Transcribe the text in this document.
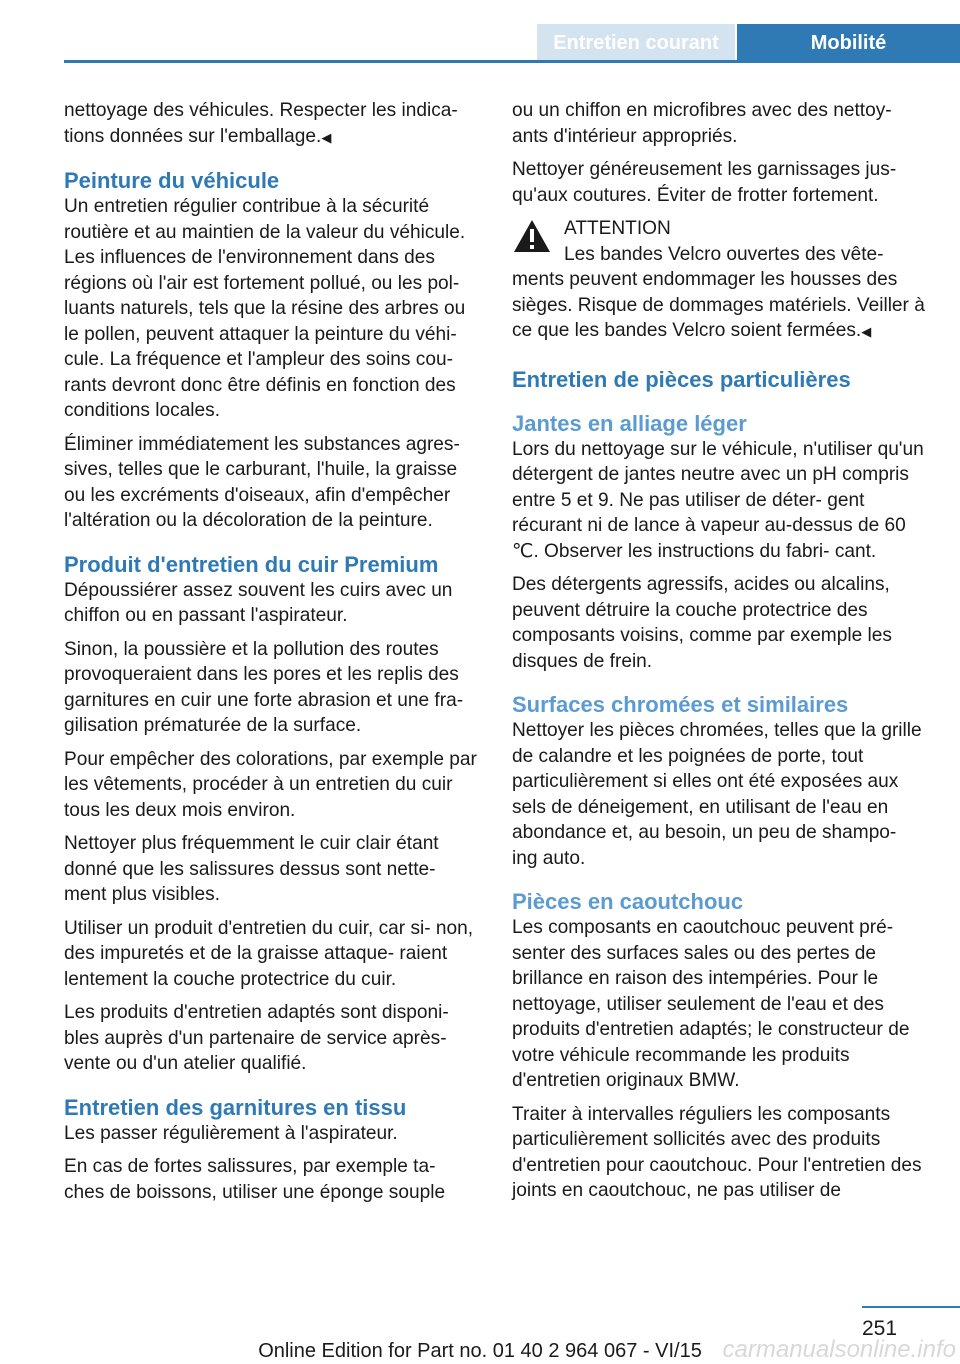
Entretien courant	Mobilité

nettoyage des véhicules. Respecter les indica- tions données sur l'emballage.◀

Peinture du véhicule

Un entretien régulier contribue à la sécurité routière et au maintien de la valeur du véhicule. Les influences de l'environnement dans des régions où l'air est fortement pollué, ou les pol- luants naturels, tels que la résine des arbres ou le pollen, peuvent attaquer la peinture du véhi- cule. La fréquence et l'ampleur des soins cou- rants devront donc être définis en fonction des conditions locales.

Éliminer immédiatement les substances agres- sives, telles que le carburant, l'huile, la graisse ou les excréments d'oiseaux, afin d'empêcher l'altération ou la décoloration de la peinture.

Produit d'entretien du cuir Premium

Dépoussiérer assez souvent les cuirs avec un chiffon ou en passant l'aspirateur.

Sinon, la poussière et la pollution des routes provoqueraient dans les pores et les replis des garnitures en cuir une forte abrasion et une fra- gilisation prématurée de la surface.

Pour empêcher des colorations, par exemple par les vêtements, procéder à un entretien du cuir tous les deux mois environ.

Nettoyer plus fréquemment le cuir clair étant donné que les salissures dessus sont nette- ment plus visibles.

Utiliser un produit d'entretien du cuir, car si- non, des impuretés et de la graisse attaque- raient lentement la couche protectrice du cuir.

Les produits d'entretien adaptés sont disponi- bles auprès d'un partenaire de service après- vente ou d'un atelier qualifié.

Entretien des garnitures en tissu

Les passer régulièrement à l'aspirateur.

En cas de fortes salissures, par exemple ta- ches de boissons, utiliser une éponge souple

ou un chiffon en microfibres avec des nettoy- ants d'intérieur appropriés.

Nettoyer généreusement les garnissages jus- qu'aux coutures. Éviter de frotter fortement.

ATTENTION
Les bandes Velcro ouvertes des vête-
ments peuvent endommager les housses des sièges. Risque de dommages matériels. Veiller à ce que les bandes Velcro soient fermées.◀
Entretien de pièces particulières
Jantes en alliage léger

Lors du nettoyage sur le véhicule, n'utiliser qu'un détergent de jantes neutre avec un pH compris entre 5 et 9. Ne pas utiliser de déter- gent récurant ni de lance à vapeur au-dessus de 60 ℃. Observer les instructions du fabri- cant.

Des détergents agressifs, acides ou alcalins, peuvent détruire la couche protectrice des composants voisins, comme par exemple les disques de frein.

Surfaces chromées et similaires

Nettoyer les pièces chromées, telles que la grille de calandre et les poignées de porte, tout particulièrement si elles ont été exposées aux sels de déneigement, en utilisant de l'eau en abondance et, au besoin, un peu de shampo- ing auto.

Pièces en caoutchouc

Les composants en caoutchouc peuvent pré- senter des surfaces sales ou des pertes de brillance en raison des intempéries. Pour le nettoyage, utiliser seulement de l'eau et des produits d'entretien adaptés; le constructeur de votre véhicule recommande les produits d'entretien originaux BMW.

Traiter à intervalles réguliers les composants particulièrement sollicités avec des produits d'entretien pour caoutchouc. Pour l'entretien des joints en caoutchouc, ne pas utiliser de

251
Online Edition for Part no. 01 40 2 964 067 - VI/15 carmanualsonline.info
